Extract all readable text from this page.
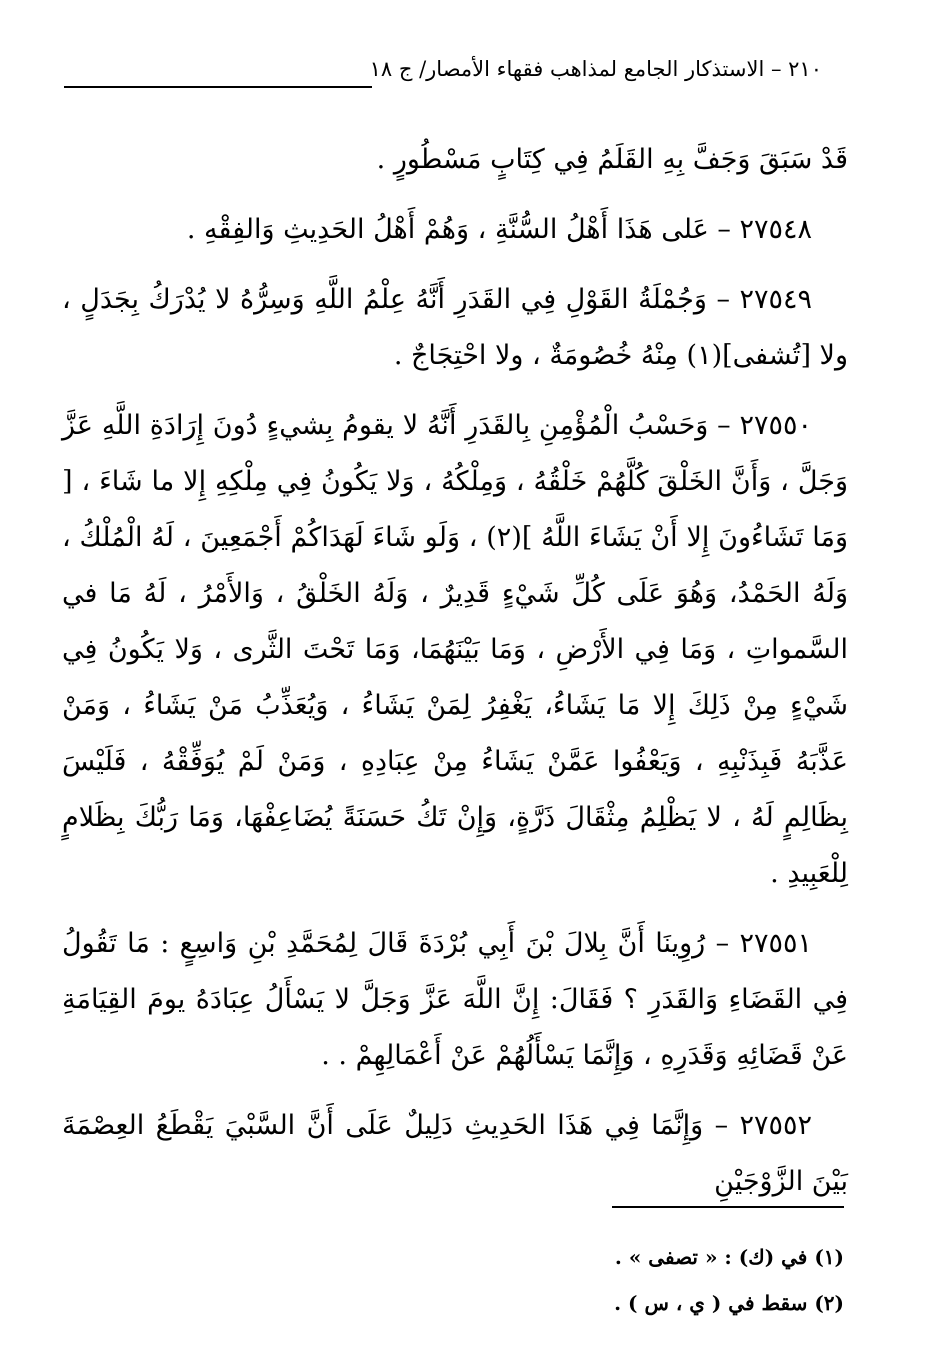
٢١٠ – الاستذكار الجامع لمذاهب فقهاء الأمصار/ ج ١٨

قَدْ سَبَقَ وَجَفَّ بِهِ القَلَمُ فِي كِتَابٍ مَسْطُورٍ .

٢٧٥٤٨ – عَلى هَذَا أَهْلُ السُّنَّةِ ، وَهُمْ أَهْلُ الحَدِيثِ وَالفِقْهِ .

٢٧٥٤٩ – وَجُمْلَةُ القَوْلِ فِي القَدَرِ أَنَّهُ عِلْمُ اللَّهِ وَسِرُّهُ لا يُدْرَكُ بِجَدَلٍ ، ولا [تُشفى](١) مِنْهُ خُصُومَةٌ ، ولا احْتِجَاجٌ .

٢٧٥٥٠ – وَحَسْبُ الْمُؤْمِنِ بِالقَدَرِ أَنَّهُ لا يقومُ بِشيءٍ دُونَ إِرَادَةِ اللَّهِ عَزَّ وَجَلَّ ، وَأَنَّ الخَلْقَ كُلَّهُمْ خَلْقُهُ ، وَمِلْكُهُ ، وَلا يَكُونُ فِي مِلْكِهِ إِلا ما شَاءَ ، [ وَمَا تَشَاءُونَ إِلا أَنْ يَشَاءَ اللَّهُ ](٢) ، وَلَو شَاءَ لَهَدَاكُمْ أَجْمَعِينَ ، لَهُ الْمُلْكُ ، وَلَهُ الحَمْدُ، وَهُوَ عَلَى كُلِّ شَيْءٍ قَدِيرٌ ، وَلَهُ الخَلْقُ ، وَالأَمْرُ ، لَهُ مَا في السَّمواتِ ، وَمَا فِي الأَرْضِ ، وَمَا بَيْنَهُمَا، وَمَا تَحْتَ الثَّرى ، وَلا يَكُونُ فِي شَيْءٍ مِنْ ذَلِكَ إِلا مَا يَشَاءُ، يَغْفِرُ لِمَنْ يَشَاءُ ، وَيُعَذِّبُ مَنْ يَشَاءُ ، وَمَنْ عَذَّبَهُ فَبِذَنْبِهِ ، وَيَعْفُوا عَمَّنْ يَشَاءُ مِنْ عِبَادِهِ ، وَمَنْ لَمْ يُوَفِّقْهُ ، فَلَيْسَ بِظَالِمٍ لَهُ ، لا يَظْلِمُ مِثْقَالَ ذَرَّةٍ، وَإِنْ تَكُ حَسَنَةً يُضَاعِفْهَا، وَمَا رَبُّكَ بِظَلامٍ لِلْعَبِيدِ .

٢٧٥٥١ – رُوِينَا أَنَّ بِلالَ بْنَ أَبِي بُرْدَةَ قَالَ لِمُحَمَّدِ بْنِ وَاسِعٍ : مَا تَقُولُ فِي القَضَاءِ وَالقَدَرِ ؟ فَقَالَ: إِنَّ اللَّهَ عَزَّ وَجَلَّ لا يَسْأَلُ عِبَادَهُ يومَ القِيَامَةِ عَنْ قَضَائِهِ وَقَدَرِهِ ، وَإِنَّمَا يَسْأَلُهُمْ عَنْ أَعْمَالِهِمْ . .

٢٧٥٥٢ – وَإِنَّمَا فِي هَذَا الحَدِيثِ دَلِيلٌ عَلَى أَنَّ السَّبْيَ يَقْطَعُ العِصْمَةَ بَيْنَ الزَّوْجَيْنِ

(١) في (ك) : « تصفى » .
(٢) سقط في ( ي ، س ) .
